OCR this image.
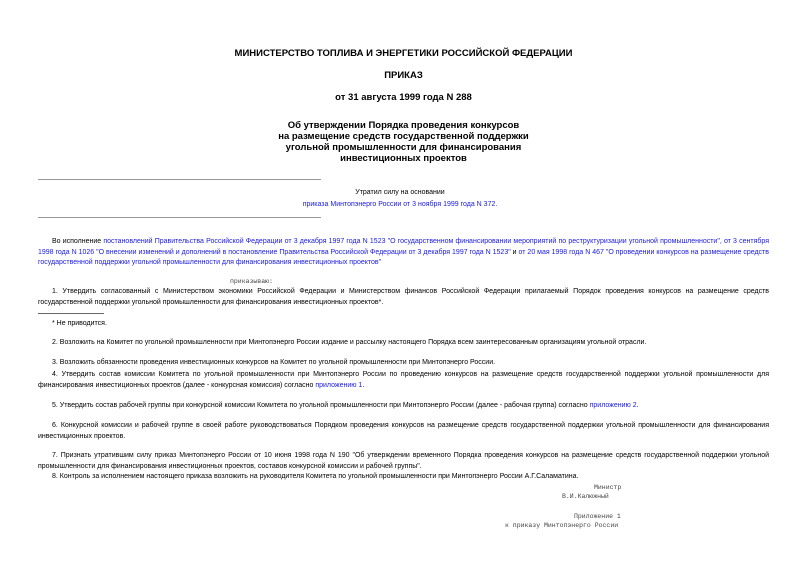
МИНИСТЕРСТВО ТОПЛИВА И ЭНЕРГЕТИКИ РОССИЙСКОЙ ФЕДЕРАЦИИ
ПРИКАЗ
от 31 августа 1999 года N 288
Об утверждении Порядка проведения конкурсов
на размещение средств государственной поддержки
угольной промышленности для финансирования
инвестиционных проектов
Утратил силу на основании
приказа Минтопэнерго России от 3 ноября 1999 года N 372.
Во исполнение постановлений Правительства Российской Федерации от 3 декабря 1997 года N 1523 "О государственном финансировании мероприятий по реструктуризации угольной промышленности", от 3 сентября 1998 года N 1026 "О внесении изменений и дополнений в постановление Правительства Российской Федерации от 3 декабря 1997 года N 1523" и от 20 мая 1998 года N 467 "О проведении конкурсов на размещение средств государственной поддержки угольной промышленности для финансирования инвестиционных проектов"
приказываю:
1. Утвердить согласованный с Министерством экономики Российской Федерации и Министерством финансов Российской Федерации прилагаемый Порядок проведения конкурсов на размещение средств государственной поддержки угольной промышленности для финансирования инвестиционных проектов*.
* Не приводится.
2. Возложить на Комитет по угольной промышленности при Минтопэнерго России издание и рассылку настоящего Порядка всем заинтересованным организациям угольной отрасли.
3. Возложить обязанности проведения инвестиционных конкурсов на Комитет по угольной промышленности при Минтопэнерго России.
4. Утвердить состав комиссии Комитета по угольной промышленности при Минтопэнерго России по проведению конкурсов на размещение средств государственной поддержки угольной промышленности для финансирования инвестиционных проектов (далее - конкурсная комиссия) согласно приложению 1.
5. Утвердить состав рабочей группы при конкурсной комиссии Комитета по угольной промышленности при Минтопэнерго России (далее - рабочая группа) согласно приложению 2.
6. Конкурсной комиссии и рабочей группе в своей работе руководствоваться Порядком проведения конкурсов на размещение средств государственной поддержки угольной промышленности для финансирования инвестиционных проектов.
7. Признать утратившим силу приказ Минтопэнерго России от 10 июня 1998 года N 190 "Об утверждении временного Порядка проведения конкурсов на размещение средств государственной поддержки угольной промышленности для финансирования инвестиционных проектов, составов конкурсной комиссии и рабочей группы".
8. Контроль за исполнением настоящего приказа возложить на руководителя Комитета по угольной промышленности при Минтопэнерго России А.Г.Саламатина.
Министр
В.И.Калюжный
Приложение 1
к приказу Минтопэнерго России
